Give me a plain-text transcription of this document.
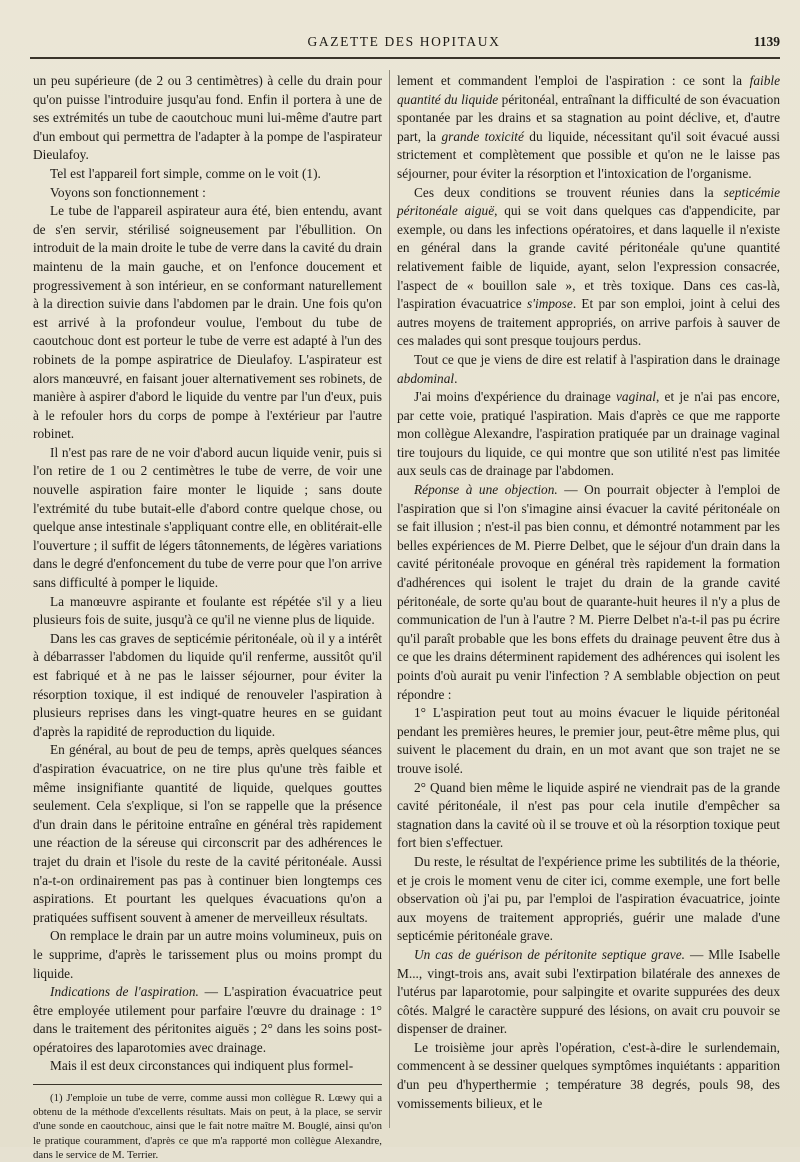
GAZETTE DES HOPITAUX	1139

un peu supérieure (de 2 ou 3 centimètres) à celle du drain pour qu'on puisse l'introduire jusqu'au fond. Enfin il portera à une de ses extrémités un tube de caoutchouc muni lui-même d'autre part d'un embout qui permettra de l'adapter à la pompe de l'aspirateur Dieulafoy.

Tel est l'appareil fort simple, comme on le voit (1).

Voyons son fonctionnement :

Le tube de l'appareil aspirateur aura été, bien entendu, avant de s'en servir, stérilisé soigneusement par l'ébullition. On introduit de la main droite le tube de verre dans la cavité du drain maintenu de la main gauche, et on l'enfonce doucement et progressivement à son intérieur, en se conformant naturellement à la direction suivie dans l'abdomen par le drain. Une fois qu'on est arrivé à la profondeur voulue, l'embout du tube de caoutchouc dont est porteur le tube de verre est adapté à l'un des robinets de la pompe aspiratrice de Dieulafoy. L'aspirateur est alors manœuvré, en faisant jouer alternativement ses robinets, de manière à aspirer d'abord le liquide du ventre par l'un d'eux, puis à le refouler hors du corps de pompe à l'extérieur par l'autre robinet.

Il n'est pas rare de ne voir d'abord aucun liquide venir, puis si l'on retire de 1 ou 2 centimètres le tube de verre, de voir une nouvelle aspiration faire monter le liquide ; sans doute l'extrémité du tube butait-elle d'abord contre quelque chose, ou quelque anse intestinale s'appliquant contre elle, en oblitérait-elle l'ouverture ; il suffit de légers tâtonnements, de légères variations dans le degré d'enfoncement du tube de verre pour que l'on arrive sans difficulté à pomper le liquide.

La manœuvre aspirante et foulante est répétée s'il y a lieu plusieurs fois de suite, jusqu'à ce qu'il ne vienne plus de liquide.

Dans les cas graves de septicémie péritonéale, où il y a intérêt à débarrasser l'abdomen du liquide qu'il renferme, aussitôt qu'il est fabriqué et à ne pas le laisser séjourner, pour éviter la résorption toxique, il est indiqué de renouveler l'aspiration à plusieurs reprises dans les vingt-quatre heures en se guidant d'après la rapidité de reproduction du liquide.

En général, au bout de peu de temps, après quelques séances d'aspiration évacuatrice, on ne tire plus qu'une très faible et même insignifiante quantité de liquide, quelques gouttes seulement. Cela s'explique, si l'on se rappelle que la présence d'un drain dans le péritoine entraîne en général très rapidement une réaction de la séreuse qui circonscrit par des adhérences le trajet du drain et l'isole du reste de la cavité péritonéale. Aussi n'a-t-on ordinairement pas pas à continuer bien longtemps ces aspirations. Et pourtant les quelques évacuations qu'on a pratiquées suffisent souvent à amener de merveilleux résultats.

On remplace le drain par un autre moins volumineux, puis on le supprime, d'après le tarissement plus ou moins prompt du liquide.

Indications de l'aspiration. — L'aspiration évacuatrice peut être employée utilement pour parfaire l'œuvre du drainage : 1° dans le traitement des péritonites aiguës ; 2° dans les soins post-opératoires des laparotomies avec drainage.

Mais il est deux circonstances qui indiquent plus formel-

(1) J'emploie un tube de verre, comme aussi mon collègue R. Lœwy qui a obtenu de la méthode d'excellents résultats. Mais on peut, à la place, se servir d'une sonde en caoutchouc, ainsi que le fait notre maître M. Bouglé, ainsi qu'on le pratique couramment, d'après ce que m'a rapporté mon collègue Alexandre, dans le service de M. Terrier.

lement et commandent l'emploi de l'aspiration : ce sont la faible quantité du liquide péritonéal, entraînant la difficulté de son évacuation spontanée par les drains et sa stagnation au point déclive, et, d'autre part, la grande toxicité du liquide, nécessitant qu'il soit évacué aussi strictement et complètement que possible et qu'on ne le laisse pas séjourner, pour éviter la résorption et l'intoxication de l'organisme.

Ces deux conditions se trouvent réunies dans la septicémie péritonéale aiguë, qui se voit dans quelques cas d'appendicite, par exemple, ou dans les infections opératoires, et dans laquelle il n'existe en général dans la grande cavité péritonéale qu'une quantité relativement faible de liquide, ayant, selon l'expression consacrée, l'aspect de « bouillon sale », et très toxique. Dans ces cas-là, l'aspiration évacuatrice s'impose. Et par son emploi, joint à celui des autres moyens de traitement appropriés, on arrive parfois à sauver de ces malades qui sont presque toujours perdus.

Tout ce que je viens de dire est relatif à l'aspiration dans le drainage abdominal.

J'ai moins d'expérience du drainage vaginal, et je n'ai pas encore, par cette voie, pratiqué l'aspiration. Mais d'après ce que me rapporte mon collègue Alexandre, l'aspiration pratiquée par un drainage vaginal tire toujours du liquide, ce qui montre que son utilité n'est pas limitée aux seuls cas de drainage par l'abdomen.

Réponse à une objection. — On pourrait objecter à l'emploi de l'aspiration que si l'on s'imagine ainsi évacuer la cavité péritonéale on se fait illusion ; n'est-il pas bien connu, et démontré notamment par les belles expériences de M. Pierre Delbet, que le séjour d'un drain dans la cavité péritonéale provoque en général très rapidement la formation d'adhérences qui isolent le trajet du drain de la grande cavité péritonéale, de sorte qu'au bout de quarante-huit heures il n'y a plus de communication de l'un à l'autre ? M. Pierre Delbet n'a-t-il pas pu écrire qu'il paraît probable que les bons effets du drainage peuvent être dus à ce que les drains déterminent rapidement des adhérences qui isolent les points d'où aurait pu venir l'infection ? A semblable objection on peut répondre :

1° L'aspiration peut tout au moins évacuer le liquide péritonéal pendant les premières heures, le premier jour, peut-être même plus, qui suivent le placement du drain, en un mot avant que son trajet ne se trouve isolé.

2° Quand bien même le liquide aspiré ne viendrait pas de la grande cavité péritonéale, il n'est pas pour cela inutile d'empêcher sa stagnation dans la cavité où il se trouve et où la résorption toxique peut fort bien s'effectuer.

Du reste, le résultat de l'expérience prime les subtilités de la théorie, et je crois le moment venu de citer ici, comme exemple, une fort belle observation où j'ai pu, par l'emploi de l'aspiration évacuatrice, jointe aux moyens de traitement appropriés, guérir une malade d'une septicémie péritonéale grave.

Un cas de guérison de péritonite septique grave. — Mlle Isabelle M..., vingt-trois ans, avait subi l'extirpation bilatérale des annexes de l'utérus par laparotomie, pour salpingite et ovarite suppurées des deux côtés. Malgré le caractère suppuré des lésions, on avait cru pouvoir se dispenser de drainer.

Le troisième jour après l'opération, c'est-à-dire le surlendemain, commencent à se dessiner quelques symptômes inquiétants : apparition d'un peu d'hyperthermie ; température 38 degrés, pouls 98, des vomissements bilieux, et le
